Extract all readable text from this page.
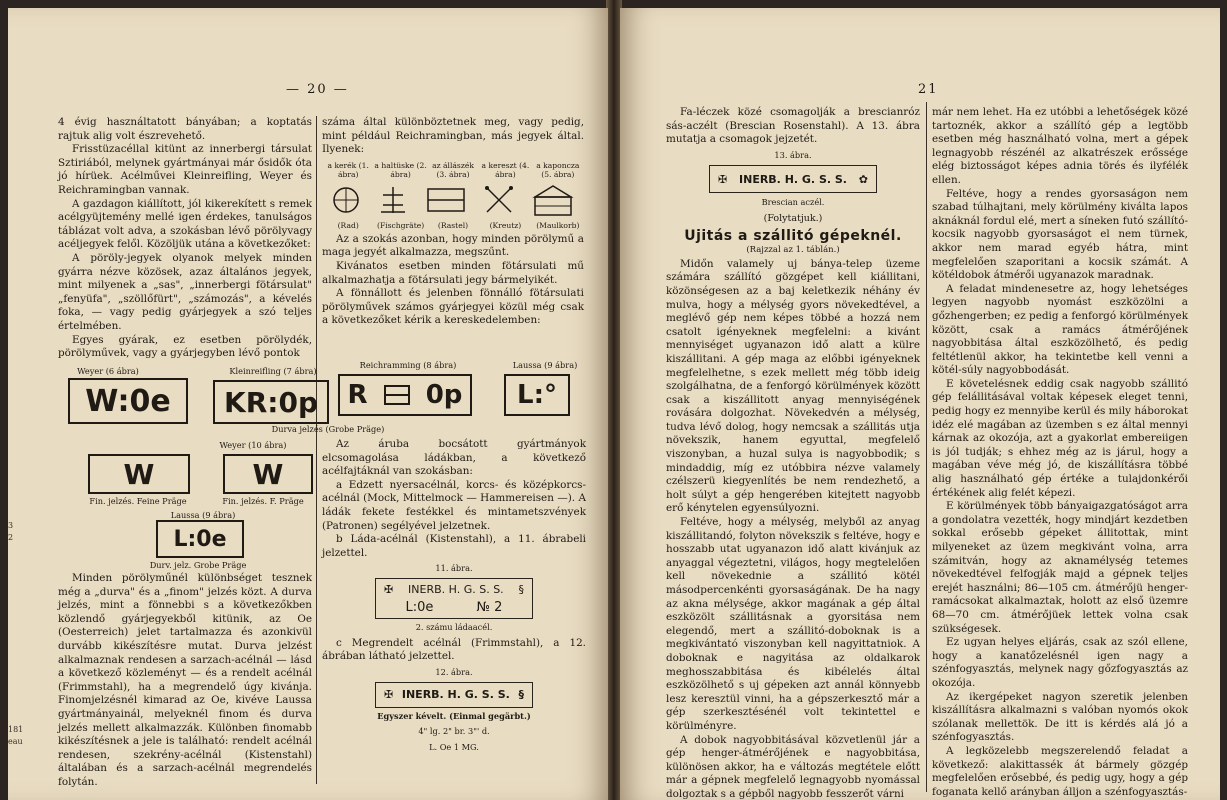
— 20 —

4 évig használtatott bányában; a koptatás rajtuk alig volt észrevehető.

Frisstüzacéllal kitünt az innerbergi társulat Sztiriából, melynek gyártmányai már ősidők óta jó hírüek. Acélművei Kleinreifling, Weyer és Reichramingban vannak.

A gazdagon kiállított, jól kikerekített s remek acélgyüjtemény mellé igen érdekes, tanulságos táblázat volt adva, a szokásban lévő pörölyvagy acéljegyek felől. Közöljük utána a következőket:

A pöröly-jegyek olyanok melyek minden gyárra nézve közösek, azaz általános jegyek, mint milyenek a „sas", „innerbergi fötársulat" „fenyüfa", „szöllőfürt", „számozás", a kévelés foka, — vagy pedig gyárjegyek a szó teljes értelmében.

Egyes gyárak, ez esetben pörölydék, pörölyművek, vagy a gyárjegyben lévő pontok

száma által különböztetnek meg, vagy pedig, mint például Reichramingban, más jegyek által. Ilyenek:

a kerék (1. ábra)
a haltüske (2. ábra)
az állászék (3. ábra)
a kereszt (4. ábra)
a kaponcza (5. ábra)
(Rad)	(Fischgräte)	(Rastel)	(Kreutz)	(Maulkorb)

Az a szokás azonban, hogy minden pörölymű a maga jegyét alkalmazza, megszűnt.

Kivánatos esetben minden fötársulati mű alkalmazhatja a fötársulati jegy bármelyikét.

A fönnállott és jelenben fönnálló fötársulati pörölyművek számos gyárjegyei közül még csak a következőket kérik a kereskedelemben:

Weyer (6 ábra)	Kleinreifling (7 ábra)
Reichramming (8 ábra)	Laussa (9 ábra)
W:0e	KR:0p	R 0p	L:°
Durva jelzés (Grobe Präge)
Weyer (10 ábra)
W	W
Fin. jelzés. Feine Präge	Fin. jelzés. F. Präge
Laussa (9 ábra)
L:0e
Durv. jelz. Grobe Präge

Minden pörölyműnél különbséget tesznek még a „durva" és a „finom" jelzés közt. A durva jelzés, mint a fönnebbi s a következőkben közlendő gyárjegyekből kitünik, az Oe (Oesterreich) jelet tartalmazza és azonkivül durvább kikészítésre mutat. Durva jelzést alkalmaznak rendesen a sarzach-acélnál — lásd a következő közleményt — és a rendelt acélnál (Frimmstahl), ha a megrendelő úgy kivánja. Finomjelzésnél kimarad az Oe, kivéve Laussa gyártmányainál, melyeknél finom és durva jelzés mellett alkalmazzák. Különben finomabb kikészítésnek a jele is található: rendelt acélnál rendesen, szekrény-acélnál (Kistenstahl) általában és a sarzach-acélnál megrendelés folytán.

Az áruba bocsátott gyártmányok elcsomagolása ládákban, a következő acélfajtáknál van szokásban:

a Edzett nyersacélnál, korcs- és középkorcs-acélnál (Mock, Mittelmock — Hammereisen —). A ládák fekete festékkel és mintametszvények (Patronen) segélyével jelzetnek.

b Láda-acélnál (Kistenstahl), a 11. ábrabeli jelzettel.

11. ábra.
✠ INERB. H. G. S. S. §
L:0e	№ 2
2. számu ládaacél.

c Megrendelt acélnál (Frimmstahl), a 12. ábrában látható jelzettel.

12. ábra.
✠ INERB. H. G. S. S. §
Egyszer kévelt. (Einmal gegärbt.)
4" lg. 2" br. 3"' d.
L. Oe 1 MG.
3
2
181
eau
21

Fa-léczek közé csomagolják a brescianróz sás-aczélt (Brescian Rosenstahl). A 13. ábra mutatja a csomagok jejzetét.

13. ábra.
✠ INERB. H. G. S. S. ✿
Brescian aczél.
(Folytatjuk.)
Ujitás a szállitó gépeknél.
(Rajzzal az 1. táblán.)

Midőn valamely uj bánya-telep üzeme számára szállító gözgépet kell kiállitani, közönségesen az a baj keletkezik néhány év mulva, hogy a mélység gyors növekedtével, a meglévő gép nem képes többé a hozzá nem csatolt igényeknek megfelelni: a kivánt mennyiséget ugyanazon idő alatt a külre kiszállitani. A gép maga az előbbi igényeknek megfelelhetne, s ezek mellett még több ideig szolgálhatna, de a fenforgó körülmények között csak a kiszállitott anyag mennyiségének rovására dolgozhat. Növekedvén a mélység, tudva lévő dolog, hogy nemcsak a szállitás utja növekszik, hanem egyuttal, megfelelő viszonyban, a huzal sulya is nagyobbodik; s mindaddig, míg ez utóbbira nézve valamely czélszerü kiegyenlítés be nem rendezhető, a holt súlyt a gép hengerében kitejtett nagyobb erő kénytelen egyensúlyozni.

Feltéve, hogy a mélység, melyből az anyag kiszállitandó, folyton növekszik s feltéve, hogy e hosszabb utat ugyanazon idő alatt kivánjuk az anyaggal végeztetni, világos, hogy megtelelően kell növekednie a szállitó kötél másodpercenkénti gyorsaságának. De ha nagy az akna mélysége, akkor magának a gép által eszközölt szállitásnak a gyorsitása nem elegendő, mert a szállitó-doboknak is a megkivántató viszonyban kell nagyittatniok. A doboknak e nagyitása az oldalkarok meghosszabbitása és kibélelés által eszközölhető s uj gépeken azt annál könnyebb lesz keresztül vinni, ha a gépszerkesztő már a gép szerkesztésénél volt tekintettel e körülményre.

A dobok nagyobbitásával közvetlenül jár a gép henger-átmérőjének e nagyobbitása, különösen akkor, ha e változás megtétele előtt már a gépnek megfelelő legnagyobb nyomással dolgoztak s a gépből nagyobb fesszerőt várni

már nem lehet. Ha ez utóbbi a lehetőségek közé tartoznék, akkor a szállító gép a legtöbb esetben még használható volna, mert a gépek legnagyobb részénél az alkatrészek erőssége elég biztosságot képes adnia törés és ilyfélék ellen.

Feltéve, hogy a rendes gyorsaságon nem szabad túlhajtani, mely körülmény kiválta lapos aknáknál fordul elé, mert a síneken futó szállító-kocsik nagyobb gyorsaságot el nem türnek, akkor nem marad egyéb hátra, mint megfelelően szaporitani a kocsik számát. A kötéldobok átmérői ugyanazok maradnak.

A feladat mindenesetre az, hogy lehetséges legyen nagyobb nyomást eszközölni a gőzhengerben; ez pedig a fenforgó körülmények között, csak a ramács átmérőjének nagyobbitása által eszközölhető, és pedig feltétlenül akkor, ha tekintetbe kell venni a kötél-súly nagyobbodását.

E követelésnek eddig csak nagyobb szállitó gép felállitásával voltak képesek eleget tenni, pedig hogy ez mennyibe kerül és mily háborokat idéz elé magában az üzemben s ez által mennyi kárnak az okozója, azt a gyakorlat embereiigen is jól tudják; s ehhez még az is járul, hogy a magában véve még jó, de kiszállításra többé alig használható gép értéke a tulajdonkérői értékének alig felét képezi.

E körülmények több bányaigazgatóságot arra a gondolatra vezették, hogy mindjárt kezdetben sokkal erősebb gépeket állitottak, mint milyeneket az üzem megkivánt volna, arra számitván, hogy az aknamélység tetemes növekedtével felfogják majd a gépnek teljes erejét használni; 86—105 cm. átmérőjü henger-ramácsokat alkalmaztak, holott az első üzemre 68—70 cm. átmérőjüek lettek volna csak szükségesek.

Ez ugyan helyes eljárás, csak az szól ellene, hogy a kanatőzelésnél igen nagy a szénfogyasztás, melynek nagy gőzfogyasztás az okozója.

Az ikergépeket nagyon szeretik jelenben kiszállításra alkalmazni s valóban nyomós okok szólanak mellettök. De itt is kérdés alá jó a szénfogyasztás.

A legközelebb megszerelendő feladat a következő: alakittassék át bármely gözgép megfelelően erősebbé, és pedig ugy, hogy a gép foganata kellő arányban álljon a szénfogyasztás-
